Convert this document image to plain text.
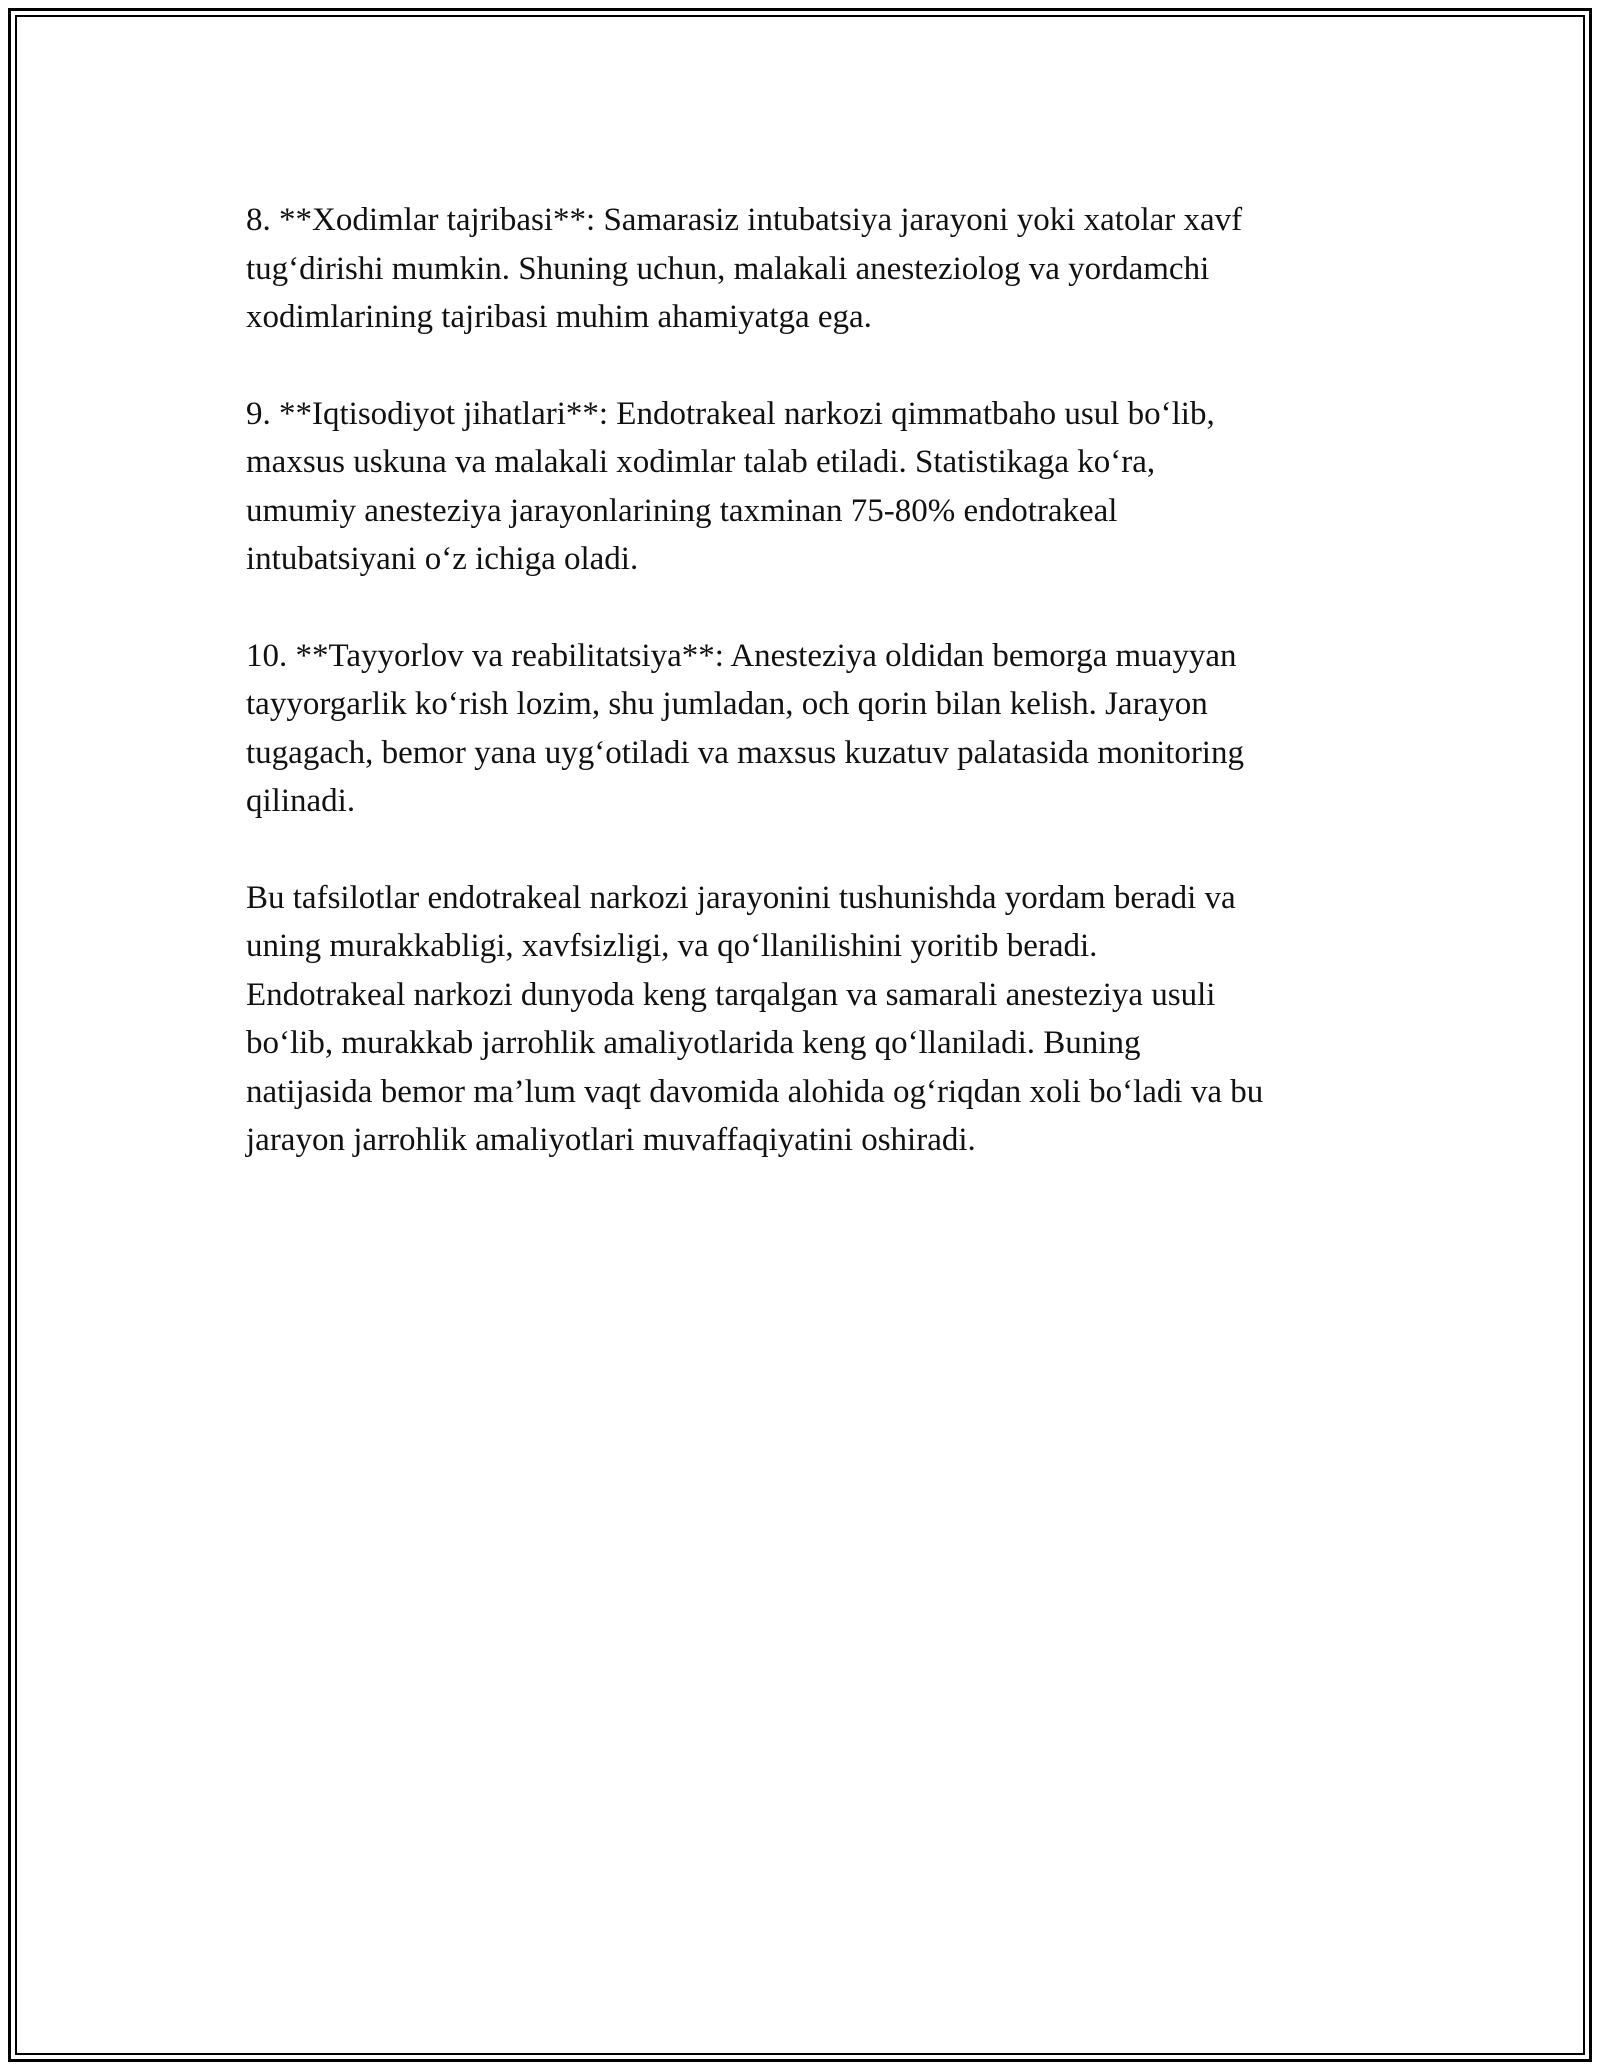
8. **Xodimlar tajribasi**: Samarasiz intubatsiya jarayoni yoki xatolar xavf
tug‘dirishi mumkin. Shuning uchun, malakali anesteziolog va yordamchi
xodimlarining tajribasi muhim ahamiyatga ega.

9. **Iqtisodiyot jihatlari**: Endotrakeal narkozi qimmatbaho usul bo‘lib,
maxsus uskuna va malakali xodimlar talab etiladi. Statistikaga ko‘ra,
umumiy anesteziya jarayonlarining taxminan 75-80% endotrakeal
intubatsiyani o‘z ichiga oladi.

10. **Tayyorlov va reabilitatsiya**: Anesteziya oldidan bemorga muayyan
tayyorgarlik ko‘rish lozim, shu jumladan, och qorin bilan kelish. Jarayon
tugagach, bemor yana uyg‘otiladi va maxsus kuzatuv palatasida monitoring
qilinadi.

Bu tafsilotlar endotrakeal narkozi jarayonini tushunishda yordam beradi va
uning murakkabligi, xavfsizligi, va qo‘llanilishini yoritib beradi.
Endotrakeal narkozi dunyoda keng tarqalgan va samarali anesteziya usuli
bo‘lib, murakkab jarrohlik amaliyotlarida keng qo‘llaniladi. Buning
natijasida bemor ma’lum vaqt davomida alohida og‘riqdan xoli bo‘ladi va bu
jarayon jarrohlik amaliyotlari muvaffaqiyatini oshiradi.
